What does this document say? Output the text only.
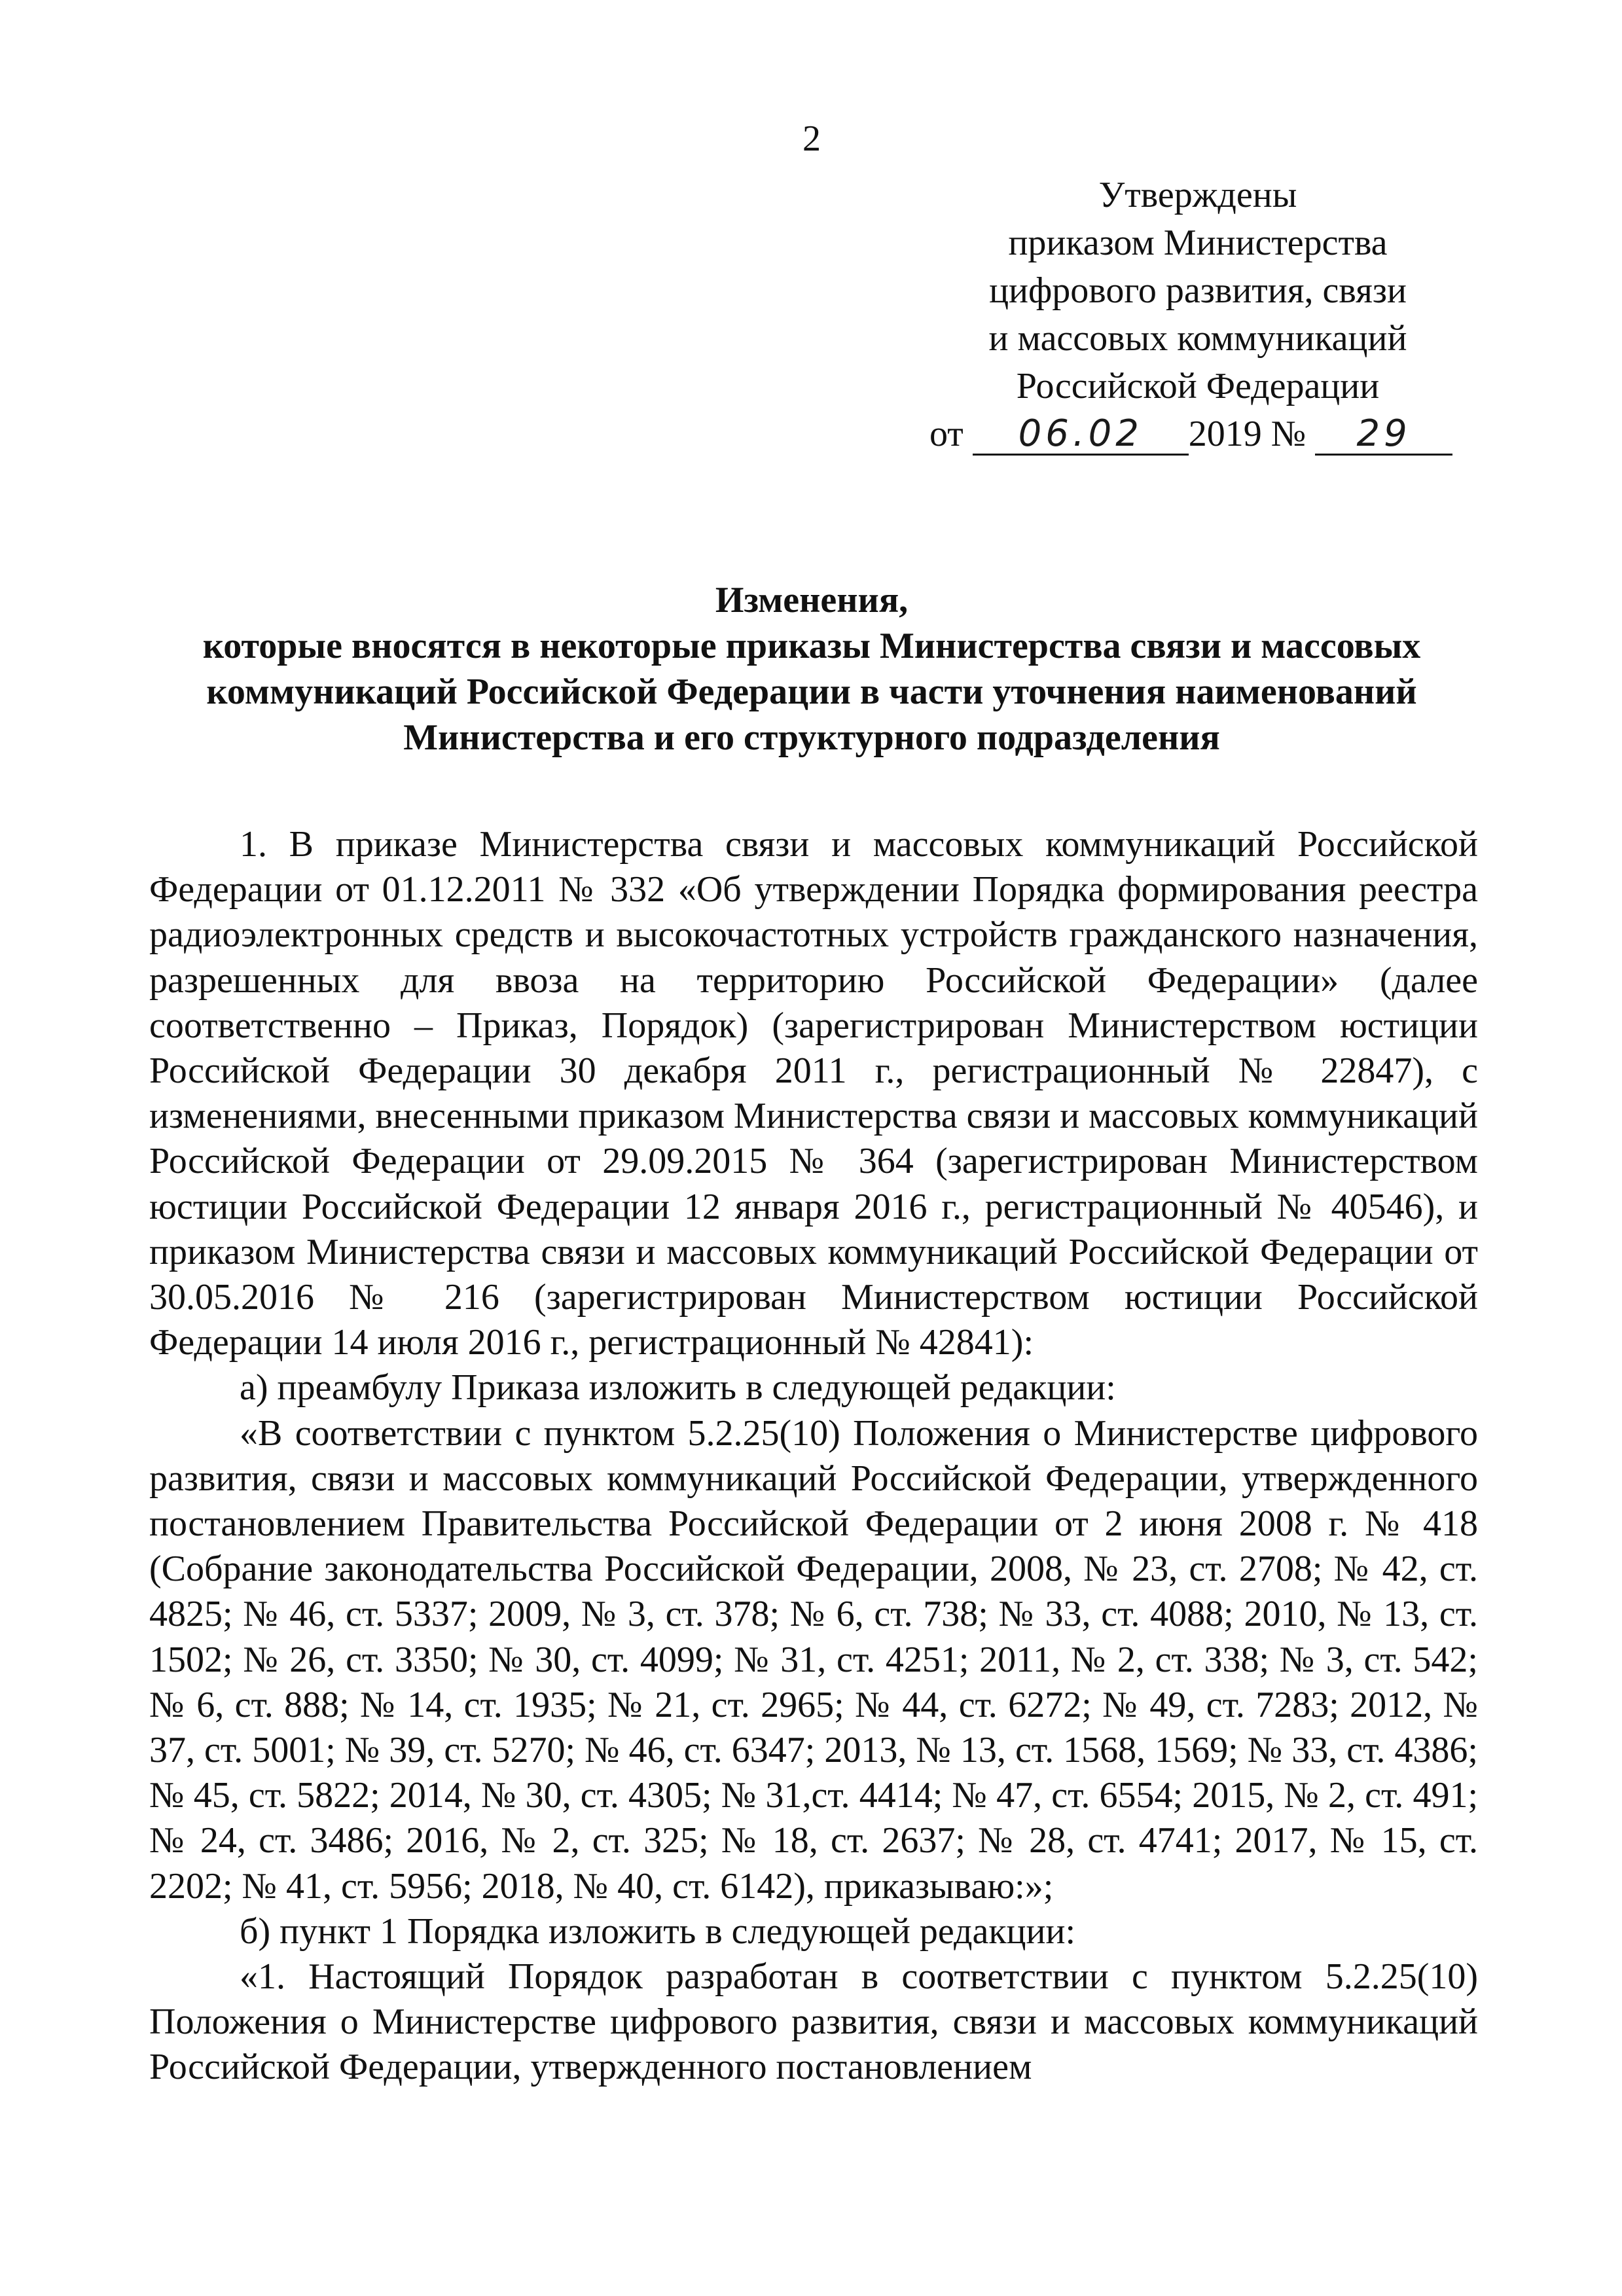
2
Утверждены
приказом Министерства
цифрового развития, связи
и массовых коммуникаций
Российской Федерации
от 06.02 2019 № 29
Изменения,
которые вносятся в некоторые приказы Министерства связи и массовых
коммуникаций Российской Федерации в части уточнения наименований
Министерства и его структурного подразделения

1. В приказе Министерства связи и массовых коммуникаций Российской Федерации от 01.12.2011 № 332 «Об утверждении Порядка формирования реестра радиоэлектронных средств и высокочастотных устройств гражданского назначения, разрешенных для ввоза на территорию Российской Федерации» (далее соответственно – Приказ, Порядок) (зарегистрирован Министерством юстиции Российской Федерации 30 декабря 2011 г., регистрационный № 22847), с изменениями, внесенными приказом Министерства связи и массовых коммуникаций Российской Федерации от 29.09.2015 № 364 (зарегистрирован Министерством юстиции Российской Федерации 12 января 2016 г., регистрационный № 40546), и приказом Министерства связи и массовых коммуникаций Российской Федерации от 30.05.2016 № 216 (зарегистрирован Министерством юстиции Российской Федерации 14 июля 2016 г., регистрационный № 42841):

а) преамбулу Приказа изложить в следующей редакции:

«В соответствии с пунктом 5.2.25(10) Положения о Министерстве цифрового развития, связи и массовых коммуникаций Российской Федерации, утвержденного постановлением Правительства Российской Федерации от 2 июня 2008 г. № 418 (Собрание законодательства Российской Федерации, 2008, № 23, ст. 2708; № 42, ст. 4825; № 46, ст. 5337; 2009, № 3, ст. 378; № 6, ст. 738; № 33, ст. 4088; 2010, № 13, ст. 1502; № 26, ст. 3350; № 30, ст. 4099; № 31, ст. 4251; 2011, № 2, ст. 338; № 3, ст. 542; № 6, ст. 888; № 14, ст. 1935; № 21, ст. 2965; № 44, ст. 6272; № 49, ст. 7283; 2012, № 37, ст. 5001; № 39, ст. 5270; № 46, ст. 6347; 2013, № 13, ст. 1568, 1569; № 33, ст. 4386; № 45, ст. 5822; 2014, № 30, ст. 4305; № 31,ст. 4414; № 47, ст. 6554; 2015, № 2, ст. 491; № 24, ст. 3486; 2016, № 2, ст. 325; № 18, ст. 2637; № 28, ст. 4741; 2017, № 15, ст. 2202; № 41, ст. 5956; 2018, № 40, ст. 6142), приказываю:»;

б) пункт 1 Порядка изложить в следующей редакции:

«1. Настоящий Порядок разработан в соответствии с пунктом 5.2.25(10) Положения о Министерстве цифрового развития, связи и массовых коммуникаций Российской Федерации, утвержденного постановлением
